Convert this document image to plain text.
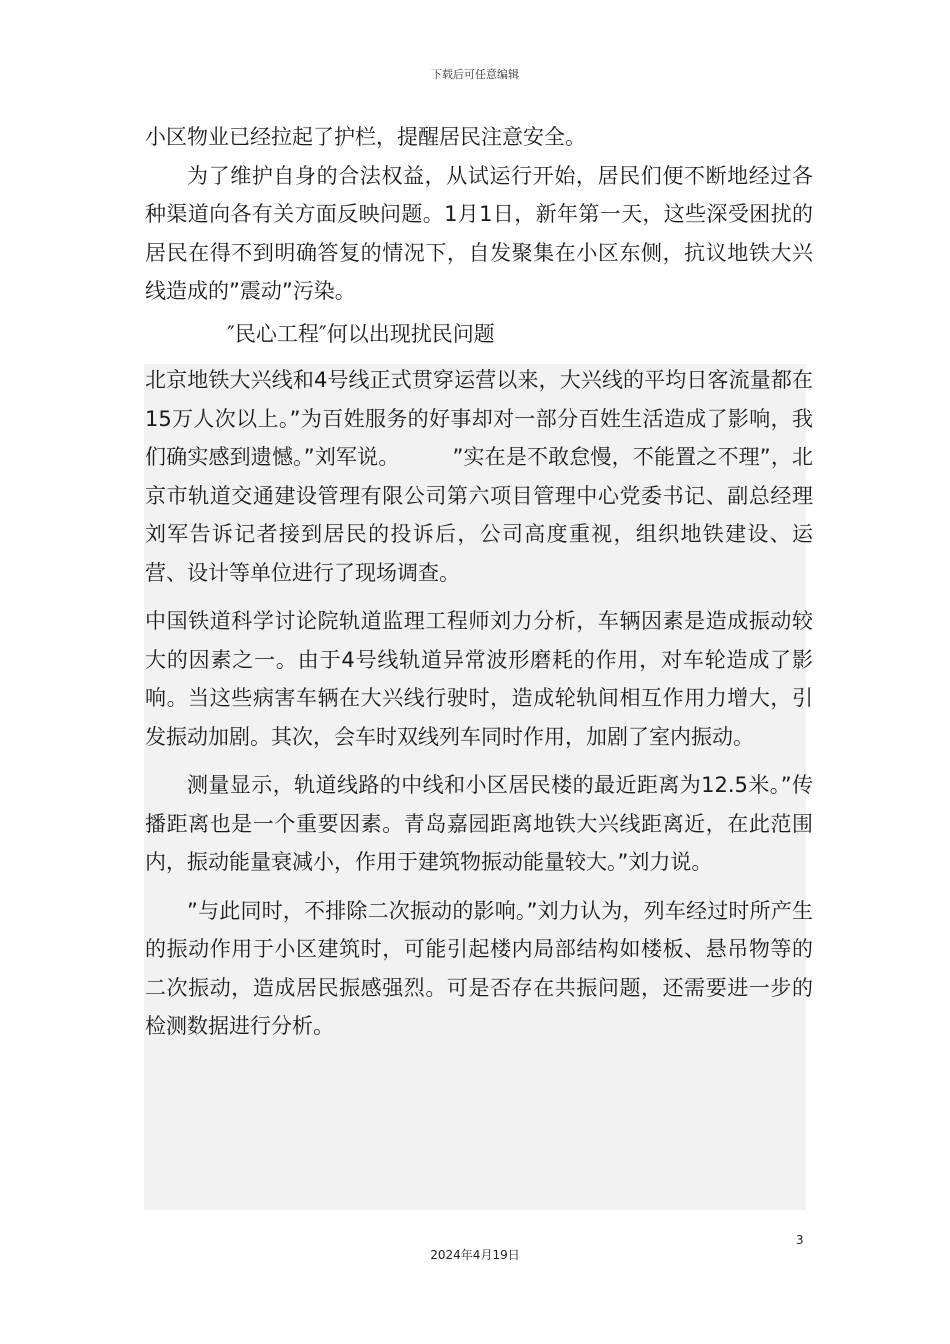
下载后可任意编辑

小区物业已经拉起了护栏，提醒居民注意安全。

为了维护自身的合法权益，从试运行开始，居民们便不断地经过各种渠道向各有关方面反映问题。1月1日，新年第一天，这些深受困扰的居民在得不到明确答复的情况下，自发聚集在小区东侧，抗议地铁大兴线造成的”震动”污染。

″民心工程″何以出现扰民问题

北京地铁大兴线和4号线正式贯穿运营以来，大兴线的平均日客流量都在15万人次以上。”为百姓服务的好事却对一部分百姓生活造成了影响，我们确实感到遗憾。”刘军说。　　　”实在是不敢怠慢，不能置之不理”，北京市轨道交通建设管理有限公司第六项目管理中心党委书记、副总经理刘军告诉记者接到居民的投诉后，公司高度重视，组织地铁建设、运营、设计等单位进行了现场调查。

中国铁道科学讨论院轨道监理工程师刘力分析，车辆因素是造成振动较大的因素之一。由于4号线轨道异常波形磨耗的作用，对车轮造成了影响。当这些病害车辆在大兴线行驶时，造成轮轨间相互作用力增大，引发振动加剧。其次，会车时双线列车同时作用，加剧了室内振动。

测量显示，轨道线路的中线和小区居民楼的最近距离为12.5米。”传播距离也是一个重要因素。青岛嘉园距离地铁大兴线距离近，在此范围内，振动能量衰减小，作用于建筑物振动能量较大。”刘力说。

”与此同时，不排除二次振动的影响。”刘力认为，列车经过时所产生的振动作用于小区建筑时，可能引起楼内局部结构如楼板、悬吊物等的二次振动，造成居民振感强烈。可是否存在共振问题，还需要进一步的检测数据进行分析。

3
2024年4月19日
